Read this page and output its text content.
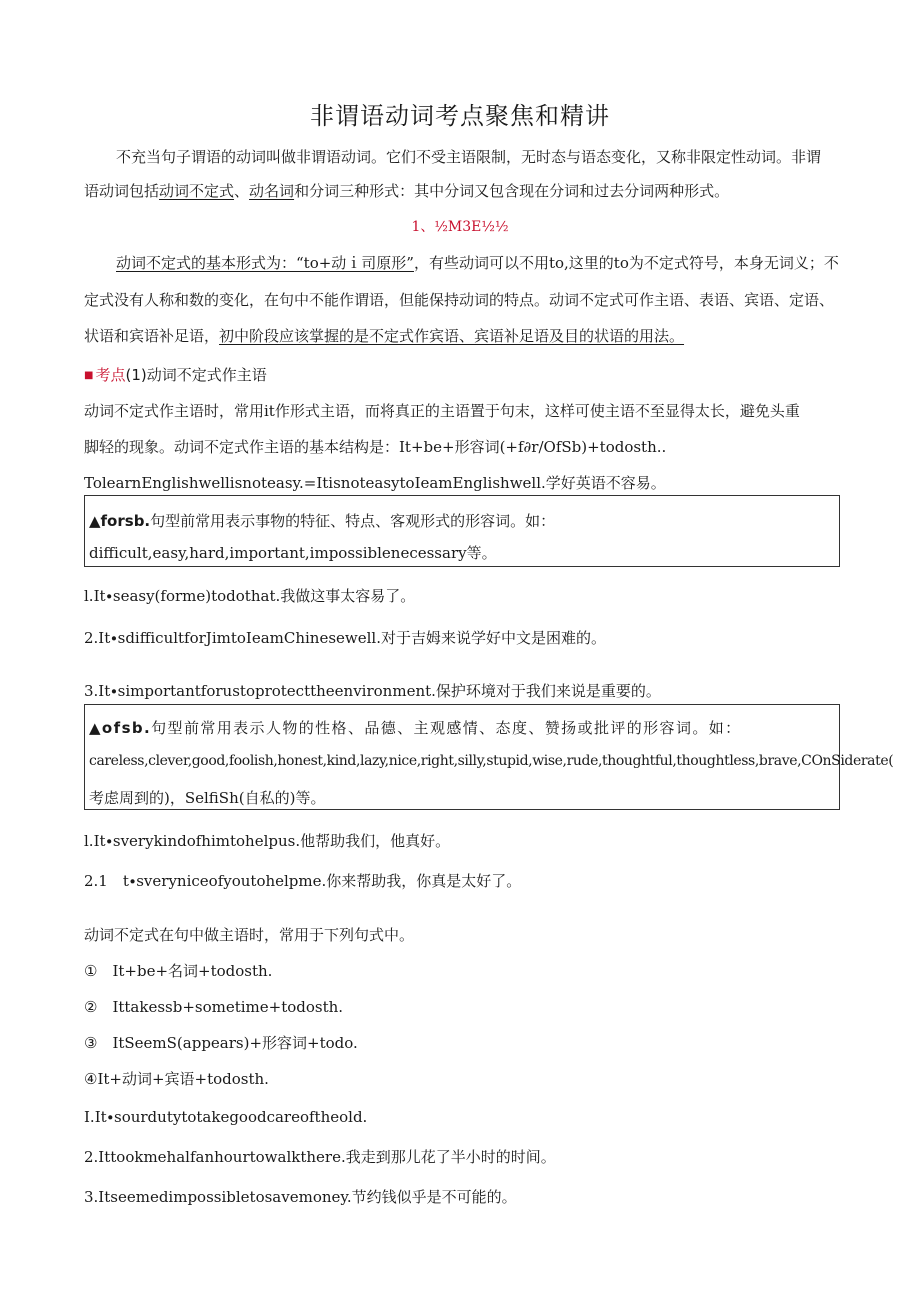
非谓语动词考点聚焦和精讲
不充当句子谓语的动词叫做非谓语动词。它们不受主语限制，无时态与语态变化，又称非限定性动词。非谓
语动词包括动词不定式、动名词和分词三种形式：其中分词又包含现在分词和过去分词两种形式。
1、½M3E½½
动词不定式的基本形式为：“to+动ｉ司原形”，有些动词可以不用to,这里的to为不定式符号，本身无词义；不
定式没有人称和数的变化，在句中不能作谓语，但能保持动词的特点。动词不定式可作主语、表语、宾语、定语、
状语和宾语补足语，初中阶段应该掌握的是不定式作宾语、宾语补足语及目的状语的用法。
■ 考点(1)动词不定式作主语
动词不定式作主语时，常用it作形式主语，而将真正的主语置于句末，这样可使主语不至显得太长，避免头重
脚轻的现象。动词不定式作主语的基本结构是：It+be+形容词(+f∂r/OfSb)+todosth..
TolearnEnglishwellisnoteasy.=ItisnoteasytoIeamEnglishwell.学好英语不容易。
▲forsb.句型前常用表示事物的特征、特点、客观形式的形容词。如：
difficult,easy,hard,important,impossiblenecessary等。
l.It∙seasy(forme)todothat.我做这事太容易了。
2.It∙sdifficultforJimtoIeamChinesewell.对于吉姆来说学好中文是困难的。
3.It∙simportantforustoprotecttheenvironment.保护环境对于我们来说是重要的。
▲ofsb.句型前常用表示人物的性格、品德、主观感情、态度、赞扬或批评的形容词。如：
careless,clever,good,foolish,honest,kind,lazy,nice,right,silly,stupid,wise,rude,thoughtful,thoughtless,brave,COnSiderate(
考虑周到的)，SelfiSh(自私的)等。
l.It∙sverykindofhimtohelpus.他帮助我们，他真好。
2.1　t∙sveryniceofyoutohelpme.你来帮助我，你真是太好了。
动词不定式在句中做主语时，常用于下列句式中。
①　It+be+名词+todosth.
②　Ittakessb+sometime+todosth.
③　ItSeemS(appears)+形容词+todo.
④It+动词+宾语+todosth.
I.It∙sourdutytotakegoodcareoftheold.
2.Ittookmehalfanhourtowalkthere.我走到那儿花了半小时的时间。
3.Itseemedimpossibletosavemoney.节约钱似乎是不可能的。
